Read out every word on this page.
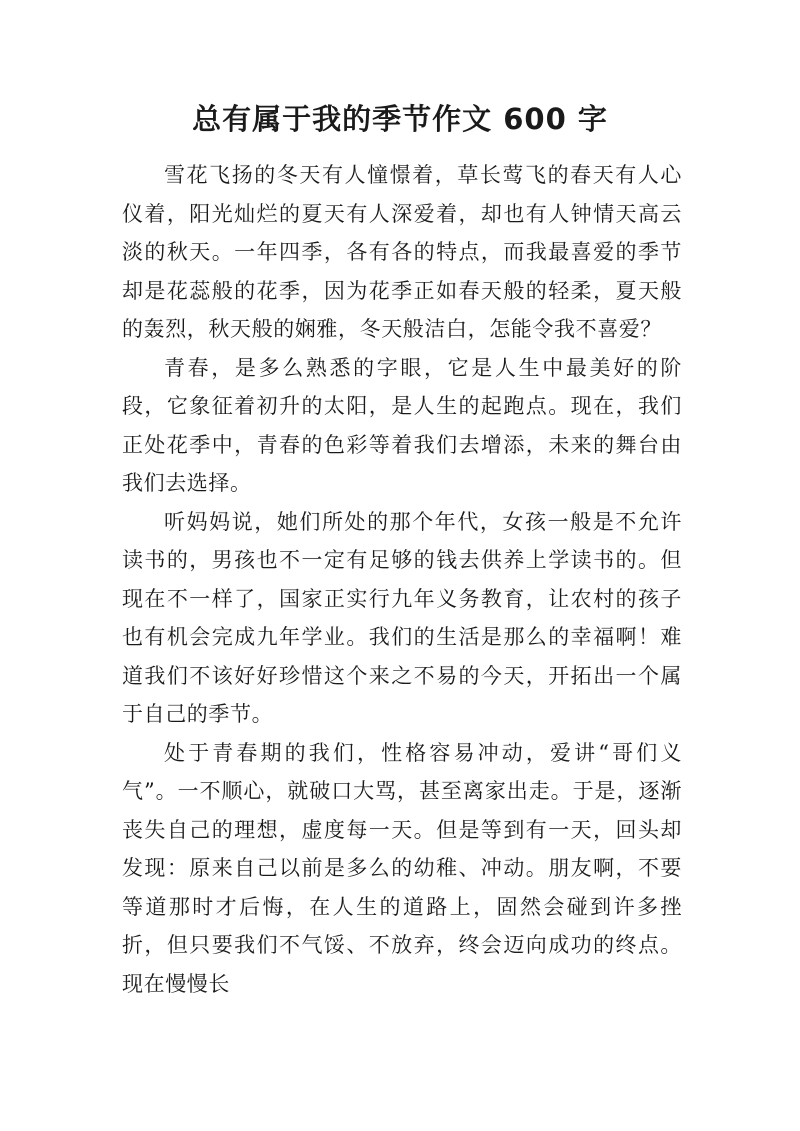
总有属于我的季节作文 600 字

雪花飞扬的冬天有人憧憬着，草长莺飞的春天有人心仪着，阳光灿烂的夏天有人深爱着，却也有人钟情天高云淡的秋天。一年四季，各有各的特点，而我最喜爱的季节却是花蕊般的花季，因为花季正如春天般的轻柔，夏天般的轰烈，秋天般的娴雅，冬天般洁白，怎能令我不喜爱？

青春，是多么熟悉的字眼，它是人生中最美好的阶段，它象征着初升的太阳，是人生的起跑点。现在，我们正处花季中，青春的色彩等着我们去增添，未来的舞台由我们去选择。

听妈妈说，她们所处的那个年代，女孩一般是不允许读书的，男孩也不一定有足够的钱去供养上学读书的。但现在不一样了，国家正实行九年义务教育，让农村的孩子也有机会完成九年学业。我们的生活是那么的幸福啊！难道我们不该好好珍惜这个来之不易的今天，开拓出一个属于自己的季节。

处于青春期的我们，性格容易冲动，爱讲“哥们义气”。一不顺心，就破口大骂，甚至离家出走。于是，逐渐丧失自己的理想，虚度每一天。但是等到有一天，回头却发现：原来自己以前是多么的幼稚、冲动。朋友啊，不要等道那时才后悔，在人生的道路上，固然会碰到许多挫折，但只要我们不气馁、不放弃，终会迈向成功的终点。现在慢慢长
